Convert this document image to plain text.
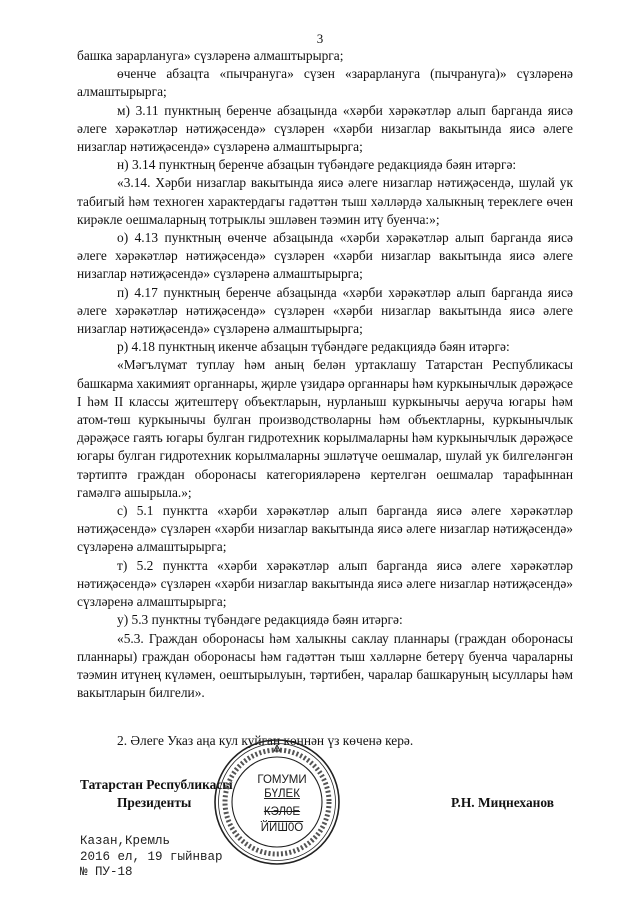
3

башка зарарлануга» сүзләренә алмаштырырга;

өченче абзацта «пычрануга» сүзен «зарарлануга (пычрануга)» сүзләренә алмаштырырга;

м) 3.11 пунктның беренче абзацында «хәрби хәрәкәтләр алып барганда яисә әлеге хәрәкәтләр нәтиҗәсендә» сүзләрен «хәрби низаглар вакытында яисә әлеге низаглар нәтиҗәсендә» сүзләренә алмаштырырга;

н) 3.14 пунктның беренче абзацын түбәндәге редакциядә бәян итәргә:

«3.14. Хәрби низаглар вакытында яисә әлеге низаглар нәтиҗәсендә, шулай ук табигый һәм техноген характердагы гадәттән тыш хәлләрдә халыкның тереклеге өчен кирәкле оешмаларның тотрыклы эшләвен тәэмин итү буенча:»;

о) 4.13 пунктның өченче абзацында «хәрби хәрәкәтләр алып барганда яисә әлеге хәрәкәтләр нәтиҗәсендә» сүзләрен «хәрби низаглар вакытында яисә әлеге низаглар нәтиҗәсендә» сүзләренә алмаштырырга;

п) 4.17 пунктның беренче абзацында «хәрби хәрәкәтләр алып барганда яисә әлеге хәрәкәтләр нәтиҗәсендә» сүзләрен «хәрби низаглар вакытында яисә әлеге низаглар нәтиҗәсендә» сүзләренә алмаштырырга;

р) 4.18 пунктның икенче абзацын түбәндәге редакциядә бәян итәргә:

«Мәгълүмат туплау һәм аның белән уртаклашу Татарстан Республикасы башкарма хакимият органнары, җирле үзидарә органнары һәм куркынычлык дәрәҗәсе I һәм II классы җитештерү объектларын, нурланыш куркынычы аеруча югары һәм атом-төш куркынычы булган производстволарны һәм объектларны, куркынычлык дәрәҗәсе гаять югары булган гидротехник корылмаларны һәм куркынычлык дәрәҗәсе югары булган гидротехник корылмаларны эшләтүче оешмалар, шулай ук билгеләнгән тәртиптә граждан оборонасы категорияләренә кертелгән оешмалар тарафыннан гамәлгә ашырыла.»;

с) 5.1 пунктта «хәрби хәрәкәтләр алып барганда яисә әлеге хәрәкәтләр нәтиҗәсендә» сүзләрен «хәрби низаглар вакытында яисә әлеге низаглар нәтиҗәсендә» сүзләренә алмаштырырга;

т) 5.2 пунктта «хәрби хәрәкәтләр алып барганда яисә әлеге хәрәкәтләр нәтиҗәсендә» сүзләрен «хәрби низаглар вакытында яисә әлеге низаглар нәтиҗәсендә» сүзләренә алмаштырырга;

у) 5.3 пунктны түбәндәге редакциядә бәян итәргә:

«5.3. Граждан оборонасы һәм халыкны саклау планнары (граждан оборонасы планнары) граждан оборонасы һәм гадәттән тыш хәлләрне бетерү буенча чараларны тәэмин итүнең күләмен, оештырылуын, тәртибен, чаралар башкаруның ысуллары һәм вакытларын билгели».

2. Әлеге Указ аңа кул куйган көннән үз көченә керә.
Татарстан Республикасы
Президенты
ГОМУМИ
БҮЛЕК
КЭЛ0Е
ЙИШ0О
Р.Н. Миңнеханов
Казан,Кремль
2016 ел, 19 гыйнвар
№ ПУ-18
